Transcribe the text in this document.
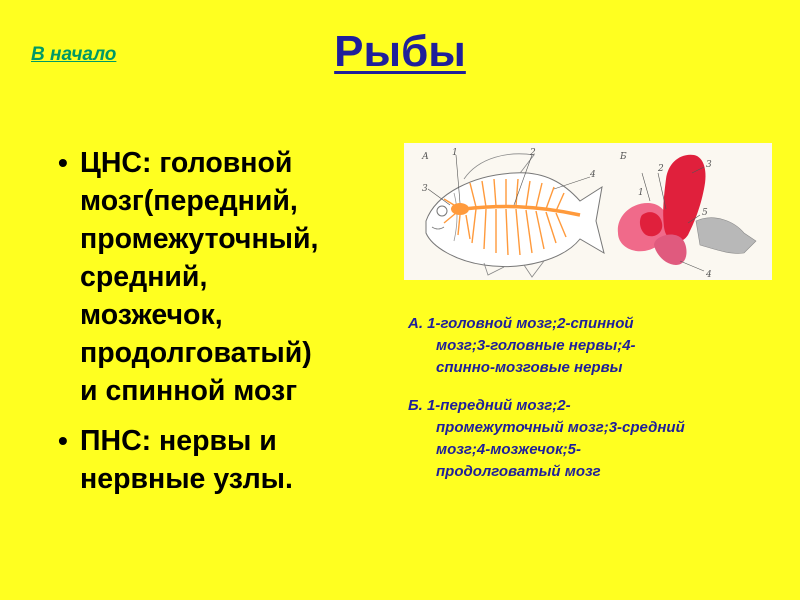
В начало	Рыбы
• ЦНС: головной
мозг(передний,
промежуточный,
средний,
мозжечок,
продолговатый)
и спинной мозг
• ПНС: нервы и
нервные узлы.
А	1	2
3
4
Б
1
2	3
4
5

А. 1-головной мозг;2-спинной
мозг;3-головные нервы;4-
спинно-мозговые нервы

Б. 1-передний мозг;2-
промежуточный мозг;3-средний
мозг;4-мозжечок;5-
продолговатый мозг
